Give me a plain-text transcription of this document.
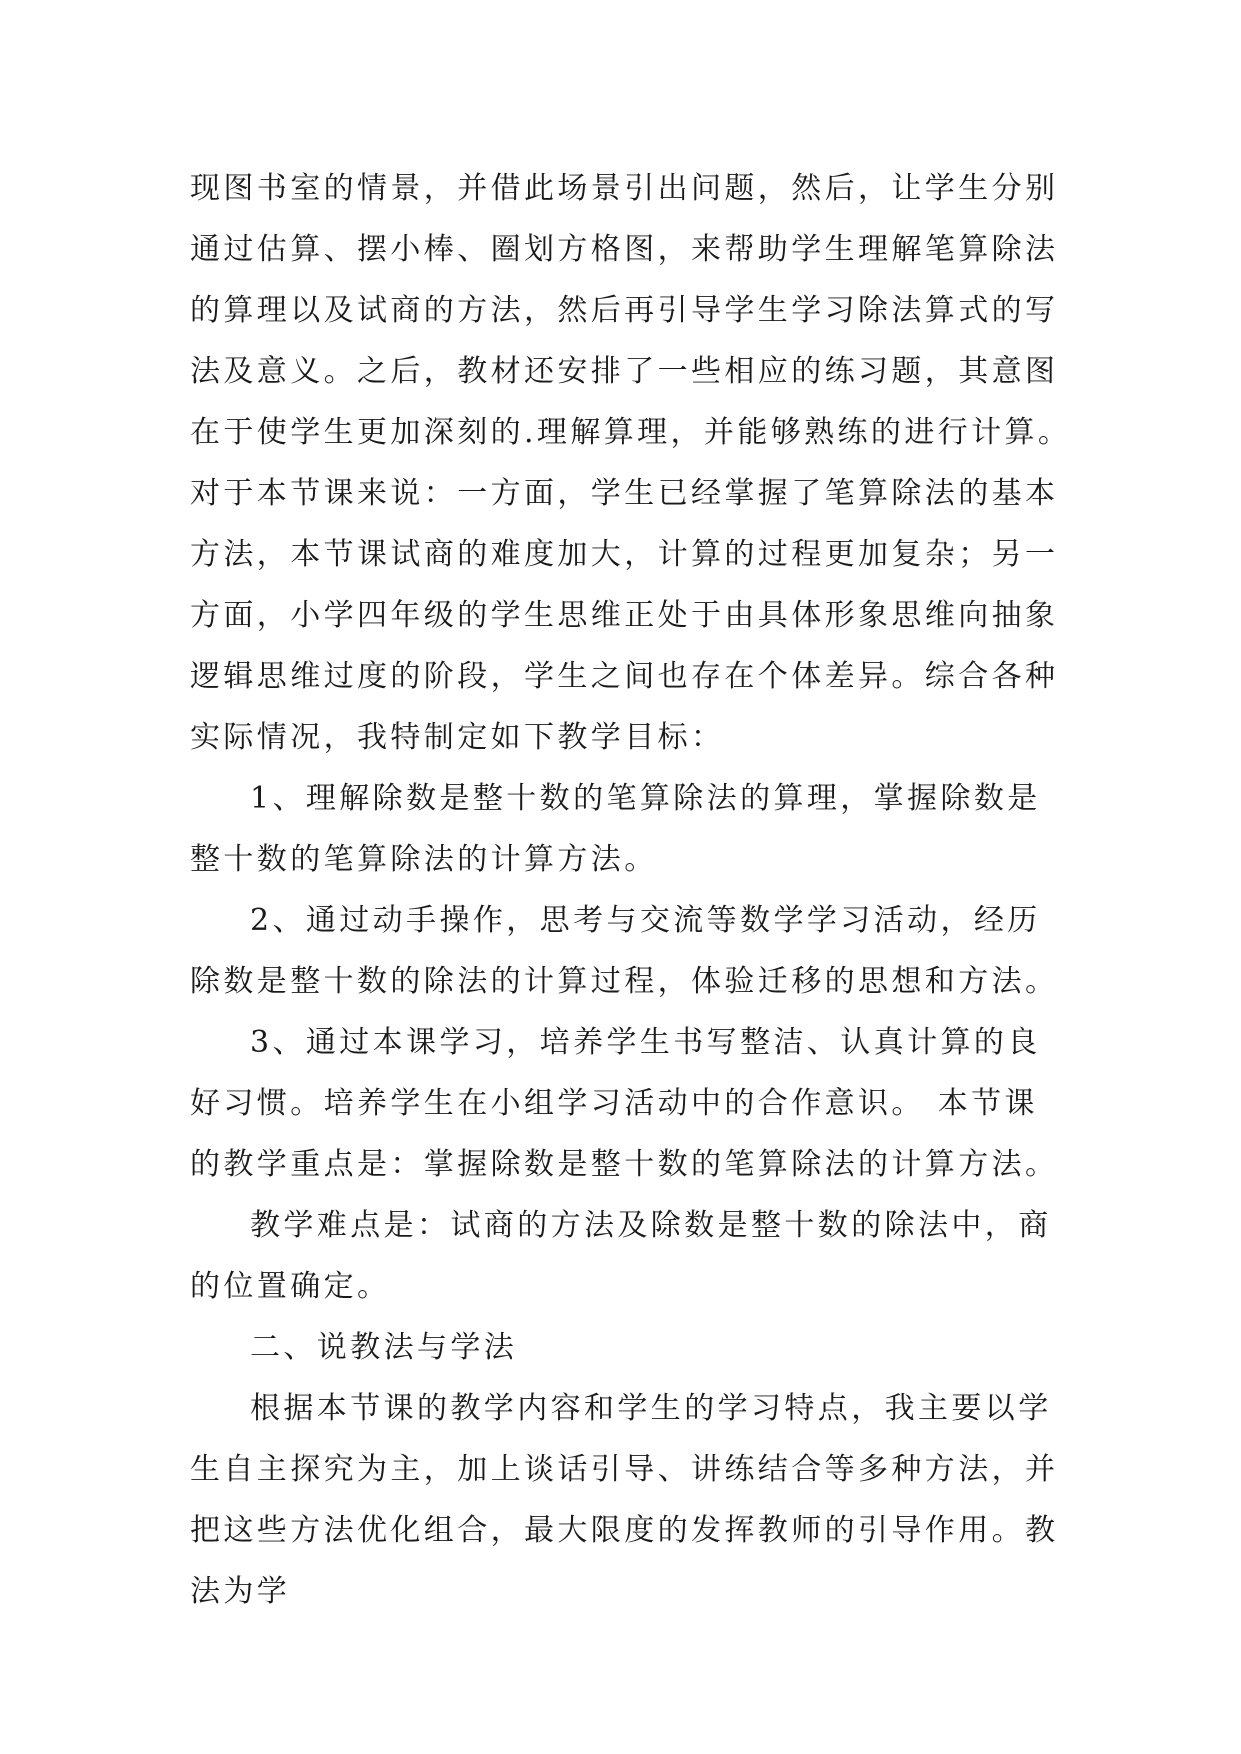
现图书室的情景，并借此场景引出问题，然后，让学生分别
通过估算、摆小棒、圈划方格图，来帮助学生理解笔算除法
的算理以及试商的方法，然后再引导学生学习除法算式的写
法及意义。之后，教材还安排了一些相应的练习题，其意图
在于使学生更加深刻的.理解算理，并能够熟练的进行计算。
对于本节课来说：一方面，学生已经掌握了笔算除法的基本
方法，本节课试商的难度加大，计算的过程更加复杂；另一
方面，小学四年级的学生思维正处于由具体形象思维向抽象
逻辑思维过度的阶段，学生之间也存在个体差异。综合各种
实际情况，我特制定如下教学目标：
1、理解除数是整十数的笔算除法的算理，掌握除数是
整十数的笔算除法的计算方法。
2、通过动手操作，思考与交流等数学学习活动，经历
除数是整十数的除法的计算过程，体验迁移的思想和方法。
3、通过本课学习，培养学生书写整洁、认真计算的良
好习惯。培养学生在小组学习活动中的合作意识。 本节课
的教学重点是：掌握除数是整十数的笔算除法的计算方法。
教学难点是：试商的方法及除数是整十数的除法中，商
的位置确定。
二、说教法与学法
根据本节课的教学内容和学生的学习特点，我主要以学
生自主探究为主，加上谈话引导、讲练结合等多种方法，并
把这些方法优化组合，最大限度的发挥教师的引导作用。教
法为学
